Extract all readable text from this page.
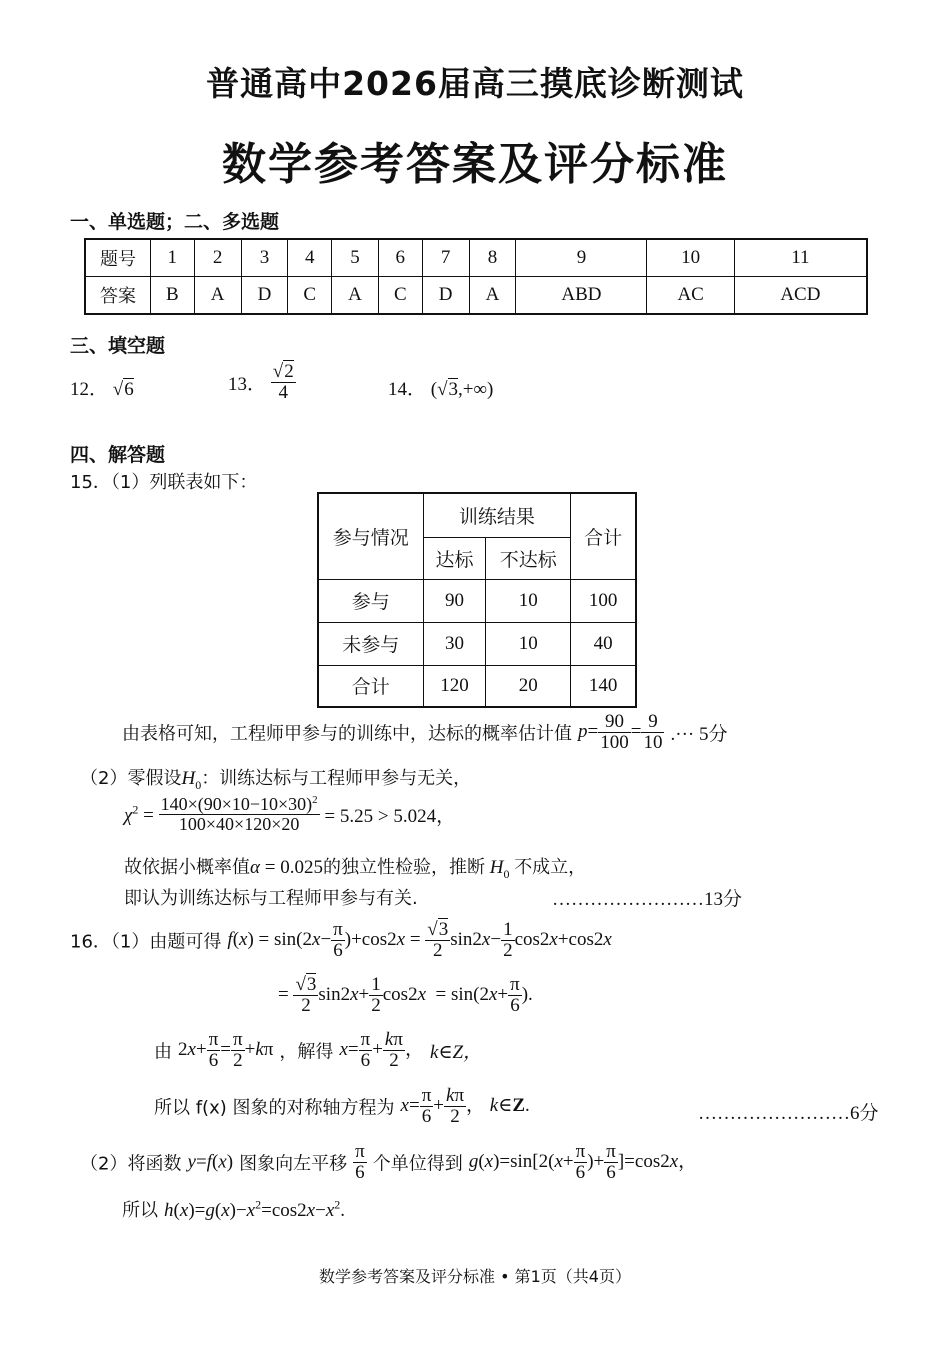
普通高中2026届高三摸底诊断测试
数学参考答案及评分标准
一、单选题；二、多选题
题号	1	2	3	4	5	6	7	8	9	10	11
答案	B	A	D	C	A	C	D	A	ABD	AC	ACD
三、填空题
12． √6	13． $\frac{√2}{4}$	14． (√3,+∞)
四、解答题
15．（1）列联表如下：
参与情况	训练结果		合计
	达标	不达标	
参与	90	10	100
未参与	30	10	40
合计	120	20	140
由表格可知，工程师甲参与的训练中，达标的概率估计值 $p= \frac{90}{100} = \frac{9}{10}$ .··· 5分
（2）零假设$H_0$：训练达标与工程师甲参与无关，
$\chi^2 = \frac{140\times(90\times 10-10\times 30)^2}{100\times 40\times 120\times 20} = 5.25 > 5.024$，
故依据小概率值α = 0.025的独立性检验，推断 $H_0$ 不成立，
即认为训练达标与工程师甲参与有关.	……………………13分
16．（1）由题可得 $f(x) = \sin(2x- \frac{\pi}{6} )+\cos 2x = \frac{√3}{2} \sin 2x- \frac{1}{2} \cos 2x+\cos 2x$
= $\frac{√3}{2} \sin 2x+ \frac{1}{2} \cos 2x = \sin(2x+ \frac{\pi}{6}$ ).
由 $2x+ \frac{\pi}{6} = \frac{\pi}{2} +k\pi$ ，解得 $x= \frac{\pi}{6} + \frac{k\pi}{2}$ ， k∈Z，
所以 f(x) 图象的对称轴方程为 $x= \frac{\pi}{6} + \frac{k\pi}{2}$ ， k∈Z.	……………………6分
（2）将函数 y=f(x) 图象向左平移 $\frac{\pi}{6}$ 个单位得到 $g(x)=\sin[2(x+ \frac{\pi}{6}$ )+ $\frac{\pi}{6} ]=\cos 2x$，
所以 $h(x)=g(x)-x^2=\cos 2x-x^2$.
数学参考答案及评分标准 • 第1页（共4页）
